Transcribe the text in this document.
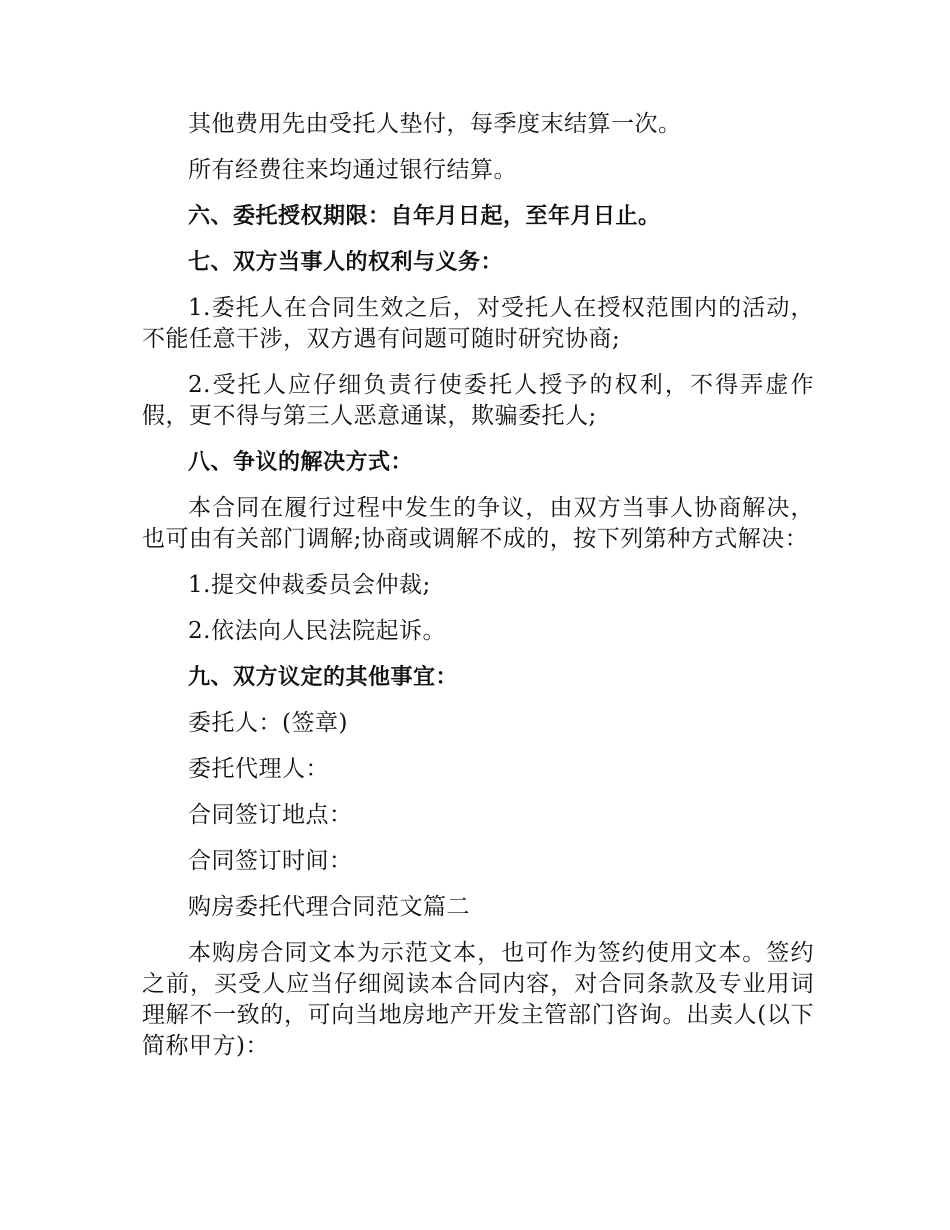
其他费用先由受托人垫付，每季度末结算一次。

所有经费往来均通过银行结算。

六、委托授权期限：自年月日起，至年月日止。

七、双方当事人的权利与义务：

1.委托人在合同生效之后，对受托人在授权范围内的活动，不能任意干涉，双方遇有问题可随时研究协商;

2.受托人应仔细负责行使委托人授予的权利，不得弄虚作假，更不得与第三人恶意通谋，欺骗委托人;

八、争议的解决方式：

本合同在履行过程中发生的争议，由双方当事人协商解决，也可由有关部门调解;协商或调解不成的，按下列第种方式解决：

1.提交仲裁委员会仲裁;

2.依法向人民法院起诉。

九、双方议定的其他事宜：

委托人：(签章)

委托代理人：

合同签订地点：

合同签订时间：

购房委托代理合同范文篇二

本购房合同文本为示范文本，也可作为签约使用文本。签约之前，买受人应当仔细阅读本合同内容，对合同条款及专业用词理解不一致的，可向当地房地产开发主管部门咨询。出卖人(以下简称甲方)：
